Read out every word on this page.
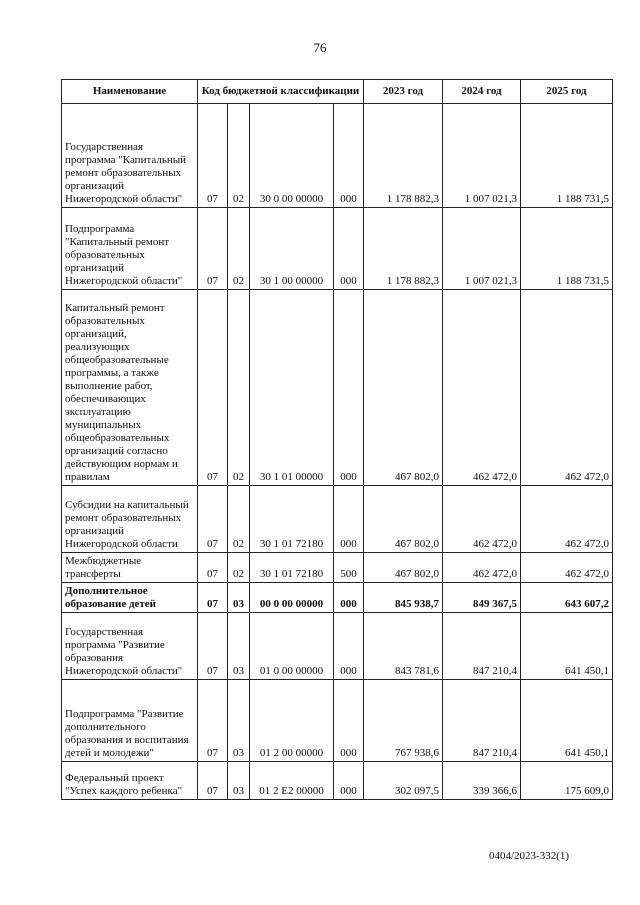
76
Наименование	Код бюджетной классификации				2023 год	2024 год	2025 год
Государственная программа "Капитальный ремонт образовательных организаций Нижегородской области"	07	02	30 0 00 00000	000	1 178 882,3	1 007 021,3	1 188 731,5
Подпрограмма "Капитальный ремонт образовательных организаций Нижегородской области"	07	02	30 1 00 00000	000	1 178 882,3	1 007 021,3	1 188 731,5
Капитальный ремонт образовательных организаций, реализующих общеобразовательные программы, а также выполнение работ, обеспечивающих эксплуатацию муниципальных общеобразовательных организаций согласно действующим нормам и правилам	07	02	30 1 01 00000	000	467 802,0	462 472,0	462 472,0
Субсидии на капитальный ремонт образовательных организаций Нижегородской области	07	02	30 1 01 72180	000	467 802,0	462 472,0	462 472,0
Межбюджетные трансферты	07	02	30 1 01 72180	500	467 802,0	462 472,0	462 472,0
Дополнительное образование детей	07	03	00 0 00 00000	000	845 938,7	849 367,5	643 607,2
Государственная программа "Развитие образования Нижегородской области"	07	03	01 0 00 00000	000	843 781,6	847 210,4	641 450,1
Подпрограмма "Развитие дополнительного образования и воспитания детей и молодежи"	07	03	01 2 00 00000	000	767 938,6	847 210,4	641 450,1
Федеральный проект "Успех каждого ребенка"	07	03	01 2 E2 00000	000	302 097,5	339 366,6	175 609,0
0404/2023-332(1)
